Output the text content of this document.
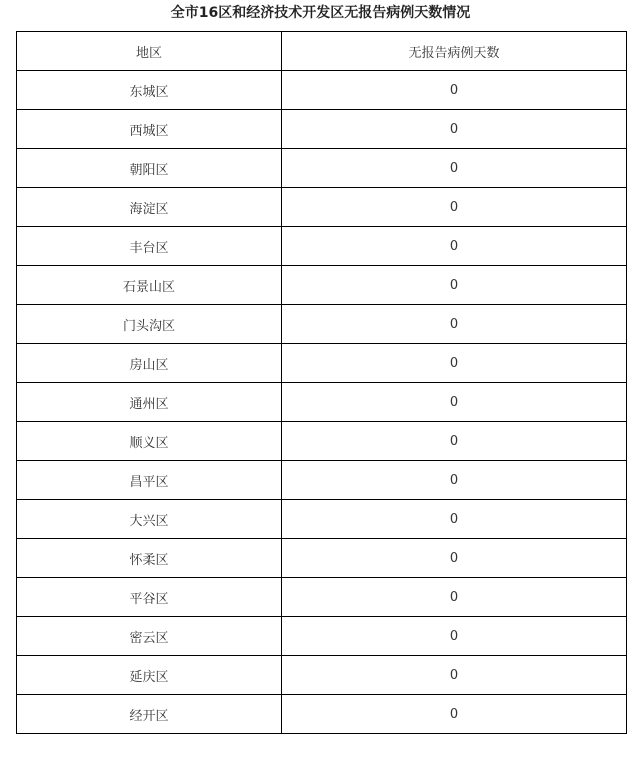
全市16区和经济技术开发区无报告病例天数情况
地区	无报告病例天数
东城区	0
西城区	0
朝阳区	0
海淀区	0
丰台区	0
石景山区	0
门头沟区	0
房山区	0
通州区	0
顺义区	0
昌平区	0
大兴区	0
怀柔区	0
平谷区	0
密云区	0
延庆区	0
经开区	0
